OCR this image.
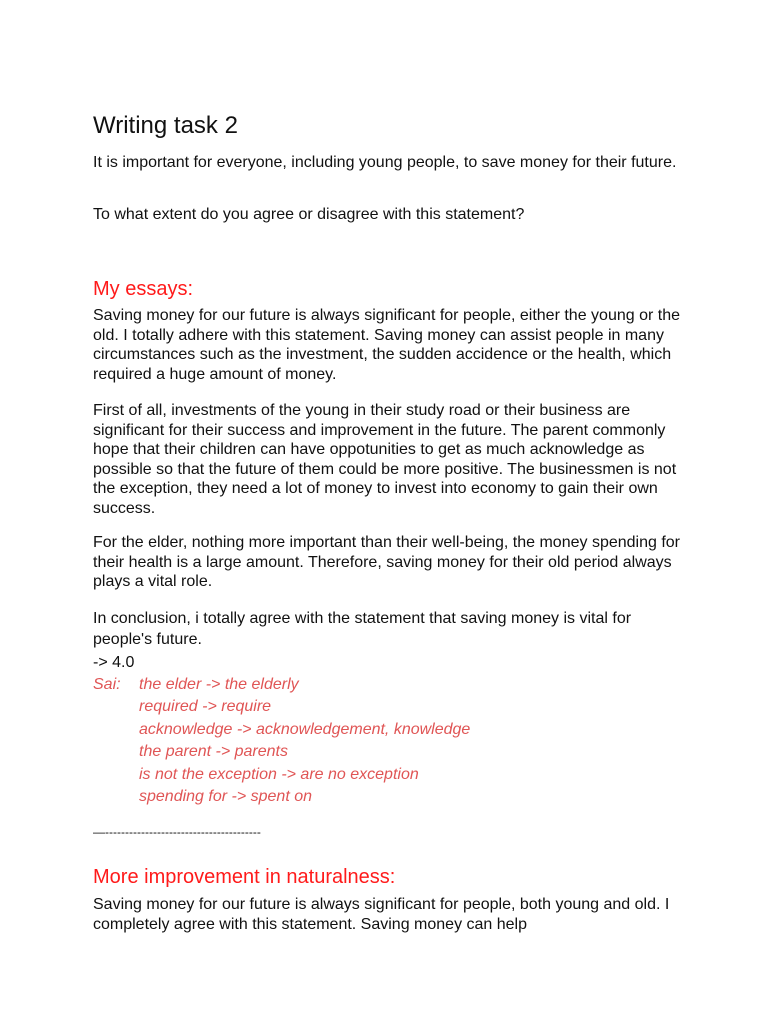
Writing task 2
It is important for everyone, including young people, to save money for their future.
To what extent do you agree or disagree with this statement?
My essays:
Saving money for our future is always significant for people, either the young or the old. I totally adhere with this statement. Saving money can assist people in many circumstances such as the investment, the sudden accidence or the health, which required a huge amount of money.
First of all, investments of the young in their study road or their business are significant for their success and improvement in the future. The parent commonly hope that their children can have oppotunities to get as much acknowledge as possible so that the future of them could be more positive. The businessmen is not the exception, they need a lot of money to invest into economy to gain their own success.
For the elder, nothing more important than their well-being, the money spending for their health is a large amount. Therefore, saving money for their old period always plays a vital role.
In conclusion, i totally agree with the statement that saving money is vital for people's future.
-> 4.0
Sai: the elder -> the elderly
required -> require
acknowledge -> acknowledgement, knowledge
the parent -> parents
is not the exception -> are no exception
spending for -> spent on
—---------------------------------------
More improvement in naturalness:
Saving money for our future is always significant for people, both young and old. I completely agree with this statement. Saving money can help
